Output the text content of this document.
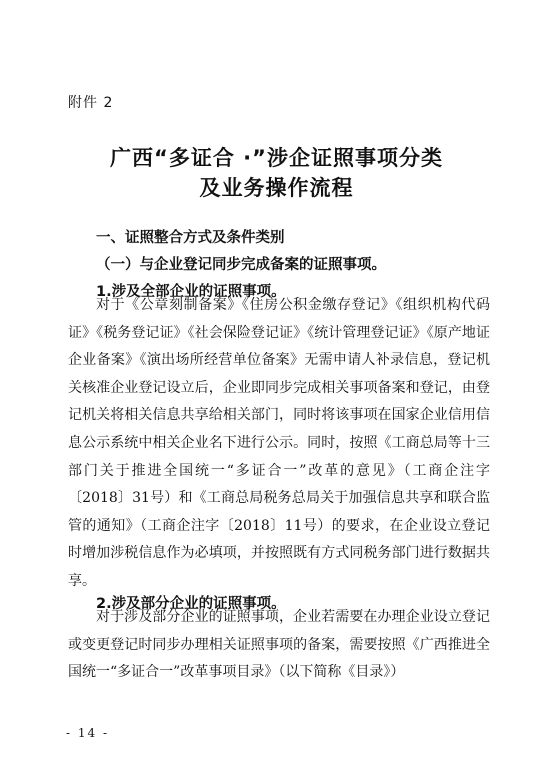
附件 2
广西“多证合 ·”涉企证照事项分类
及业务操作流程
一、证照整合方式及条件类别
（一）与企业登记同步完成备案的证照事项。
1.涉及全部企业的证照事项。
对于《公章刻制备案》《住房公积金缴存登记》《组织机构代码证》《税务登记证》《社会保险登记证》《统计管理登记证》《原产地证企业备案》《演出场所经营单位备案》无需申请人补录信息，登记机关核准企业登记设立后，企业即同步完成相关事项备案和登记，由登记机关将相关信息共享给相关部门，同时将该事项在国家企业信用信息公示系统中相关企业名下进行公示。同时，按照《工商总局等十三部门关于推进全国统一“多证合一”改革的意见》（工商企注字〔2018〕31号）和《工商总局税务总局关于加强信息共享和联合监管的通知》（工商企注字〔2018〕11号）的要求，在企业设立登记时增加涉税信息作为必填项，并按照既有方式同税务部门进行数据共享。
2.涉及部分企业的证照事项。
对于涉及部分企业的证照事项，企业若需要在办理企业设立登记或变更登记时同步办理相关证照事项的备案，需要按照《广西推进全国统一“多证合一”改革事项目录》（以下简称《目录》）
- 14 -
